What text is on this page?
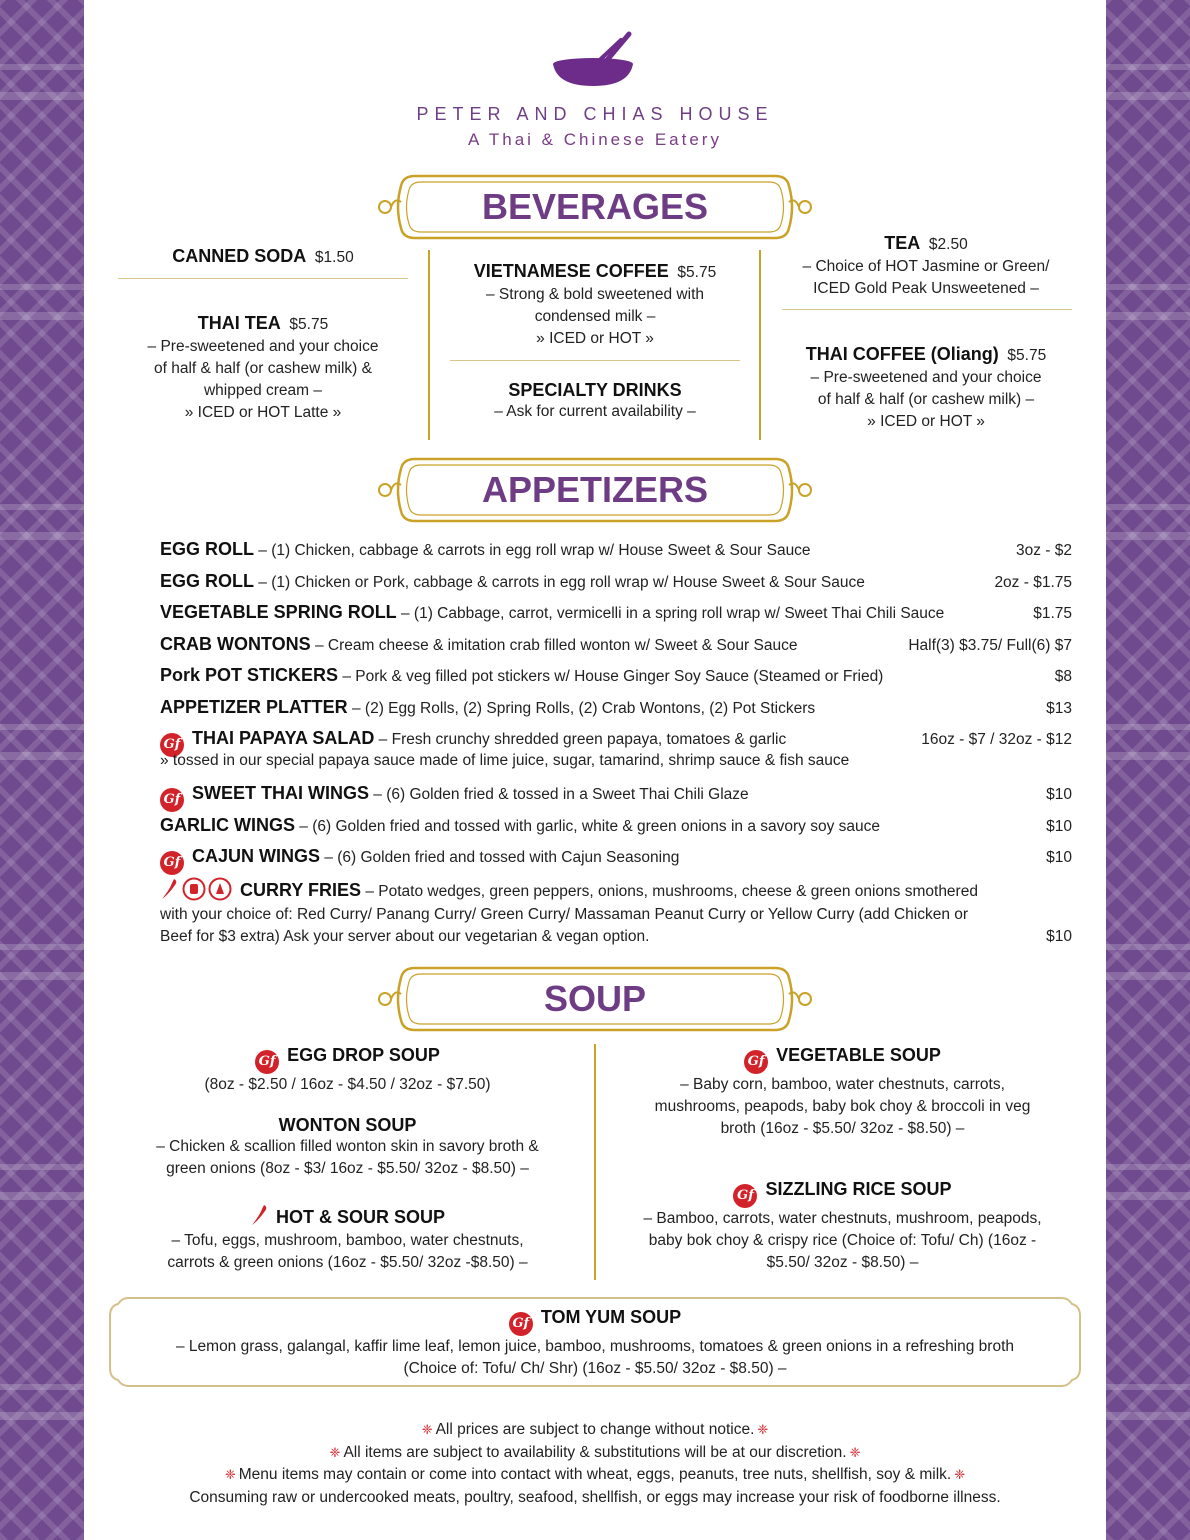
PETER AND CHIAS HOUSE
A Thai & Chinese Eatery
BEVERAGES
CANNED SODA $1.50
THAI TEA $5.75
– Pre-sweetened and your choice
of half & half (or cashew milk) &
whipped cream –
» ICED or HOT Latte »
VIETNAMESE COFFEE $5.75
– Strong & bold sweetened with
condensed milk –
» ICED or HOT »
SPECIALTY DRINKS
– Ask for current availability –
TEA $2.50
– Choice of HOT Jasmine or Green/
ICED Gold Peak Unsweetened –
THAI COFFEE (Oliang) $5.75
– Pre-sweetened and your choice
of half & half (or cashew milk) –
» ICED or HOT »
APPETIZERS
EGG ROLL – (1) Chicken, cabbage & carrots in egg roll wrap w/ House Sweet & Sour Sauce	3oz - $2
EGG ROLL – (1) Chicken or Pork, cabbage & carrots in egg roll wrap w/ House Sweet & Sour Sauce	2oz - $1.75
VEGETABLE SPRING ROLL – (1) Cabbage, carrot, vermicelli in a spring roll wrap w/ Sweet Thai Chili Sauce	$1.75
CRAB WONTONS – Cream cheese & imitation crab filled wonton w/ Sweet & Sour Sauce	Half(3) $3.75/ Full(6) $7
Pork POT STICKERS – Pork & veg filled pot stickers w/ House Ginger Soy Sauce (Steamed or Fried)	$8
APPETIZER PLATTER – (2) Egg Rolls, (2) Spring Rolls, (2) Crab Wontons, (2) Pot Stickers	$13
Gf THAI PAPAYA SALAD – Fresh crunchy shredded green papaya, tomatoes & garlic	16oz - $7 / 32oz - $12
» tossed in our special papaya sauce made of lime juice, sugar, tamarind, shrimp sauce & fish sauce
Gf SWEET THAI WINGS – (6) Golden fried & tossed in a Sweet Thai Chili Glaze	$10
GARLIC WINGS – (6) Golden fried and tossed with garlic, white & green onions in a savory soy sauce	$10
Gf CAJUN WINGS – (6) Golden fried and tossed with Cajun Seasoning	$10
CURRY FRIES – Potato wedges, green peppers, onions, mushrooms, cheese & green onions smothered
with your choice of: Red Curry/ Panang Curry/ Green Curry/ Massaman Peanut Curry or Yellow Curry (add Chicken or
Beef for $3 extra) Ask your server about our vegetarian & vegan option.	$10
SOUP
Gf EGG DROP SOUP
(8oz - $2.50 / 16oz - $4.50 / 32oz - $7.50)
WONTON SOUP
– Chicken & scallion filled wonton skin in savory broth &
green onions (8oz - $3/ 16oz - $5.50/ 32oz - $8.50) –
HOT & SOUR SOUP
– Tofu, eggs, mushroom, bamboo, water chestnuts,
carrots & green onions (16oz - $5.50/ 32oz -$8.50) –
Gf VEGETABLE SOUP
– Baby corn, bamboo, water chestnuts, carrots,
mushrooms, peapods, baby bok choy & broccoli in veg
broth (16oz - $5.50/ 32oz - $8.50) –
Gf SIZZLING RICE SOUP
– Bamboo, carrots, water chestnuts, mushroom, peapods,
baby bok choy & crispy rice (Choice of: Tofu/ Ch) (16oz -
$5.50/ 32oz - $8.50) –
Gf TOM YUM SOUP
– Lemon grass, galangal, kaffir lime leaf, lemon juice, bamboo, mushrooms, tomatoes & green onions in a refreshing broth
(Choice of: Tofu/ Ch/ Shr) (16oz - $5.50/ 32oz - $8.50) –
❈ All prices are subject to change without notice. ❈
❈ All items are subject to availability & substitutions will be at our discretion. ❈
❈ Menu items may contain or come into contact with wheat, eggs, peanuts, tree nuts, shellfish, soy & milk. ❈
Consuming raw or undercooked meats, poultry, seafood, shellfish, or eggs may increase your risk of foodborne illness.
